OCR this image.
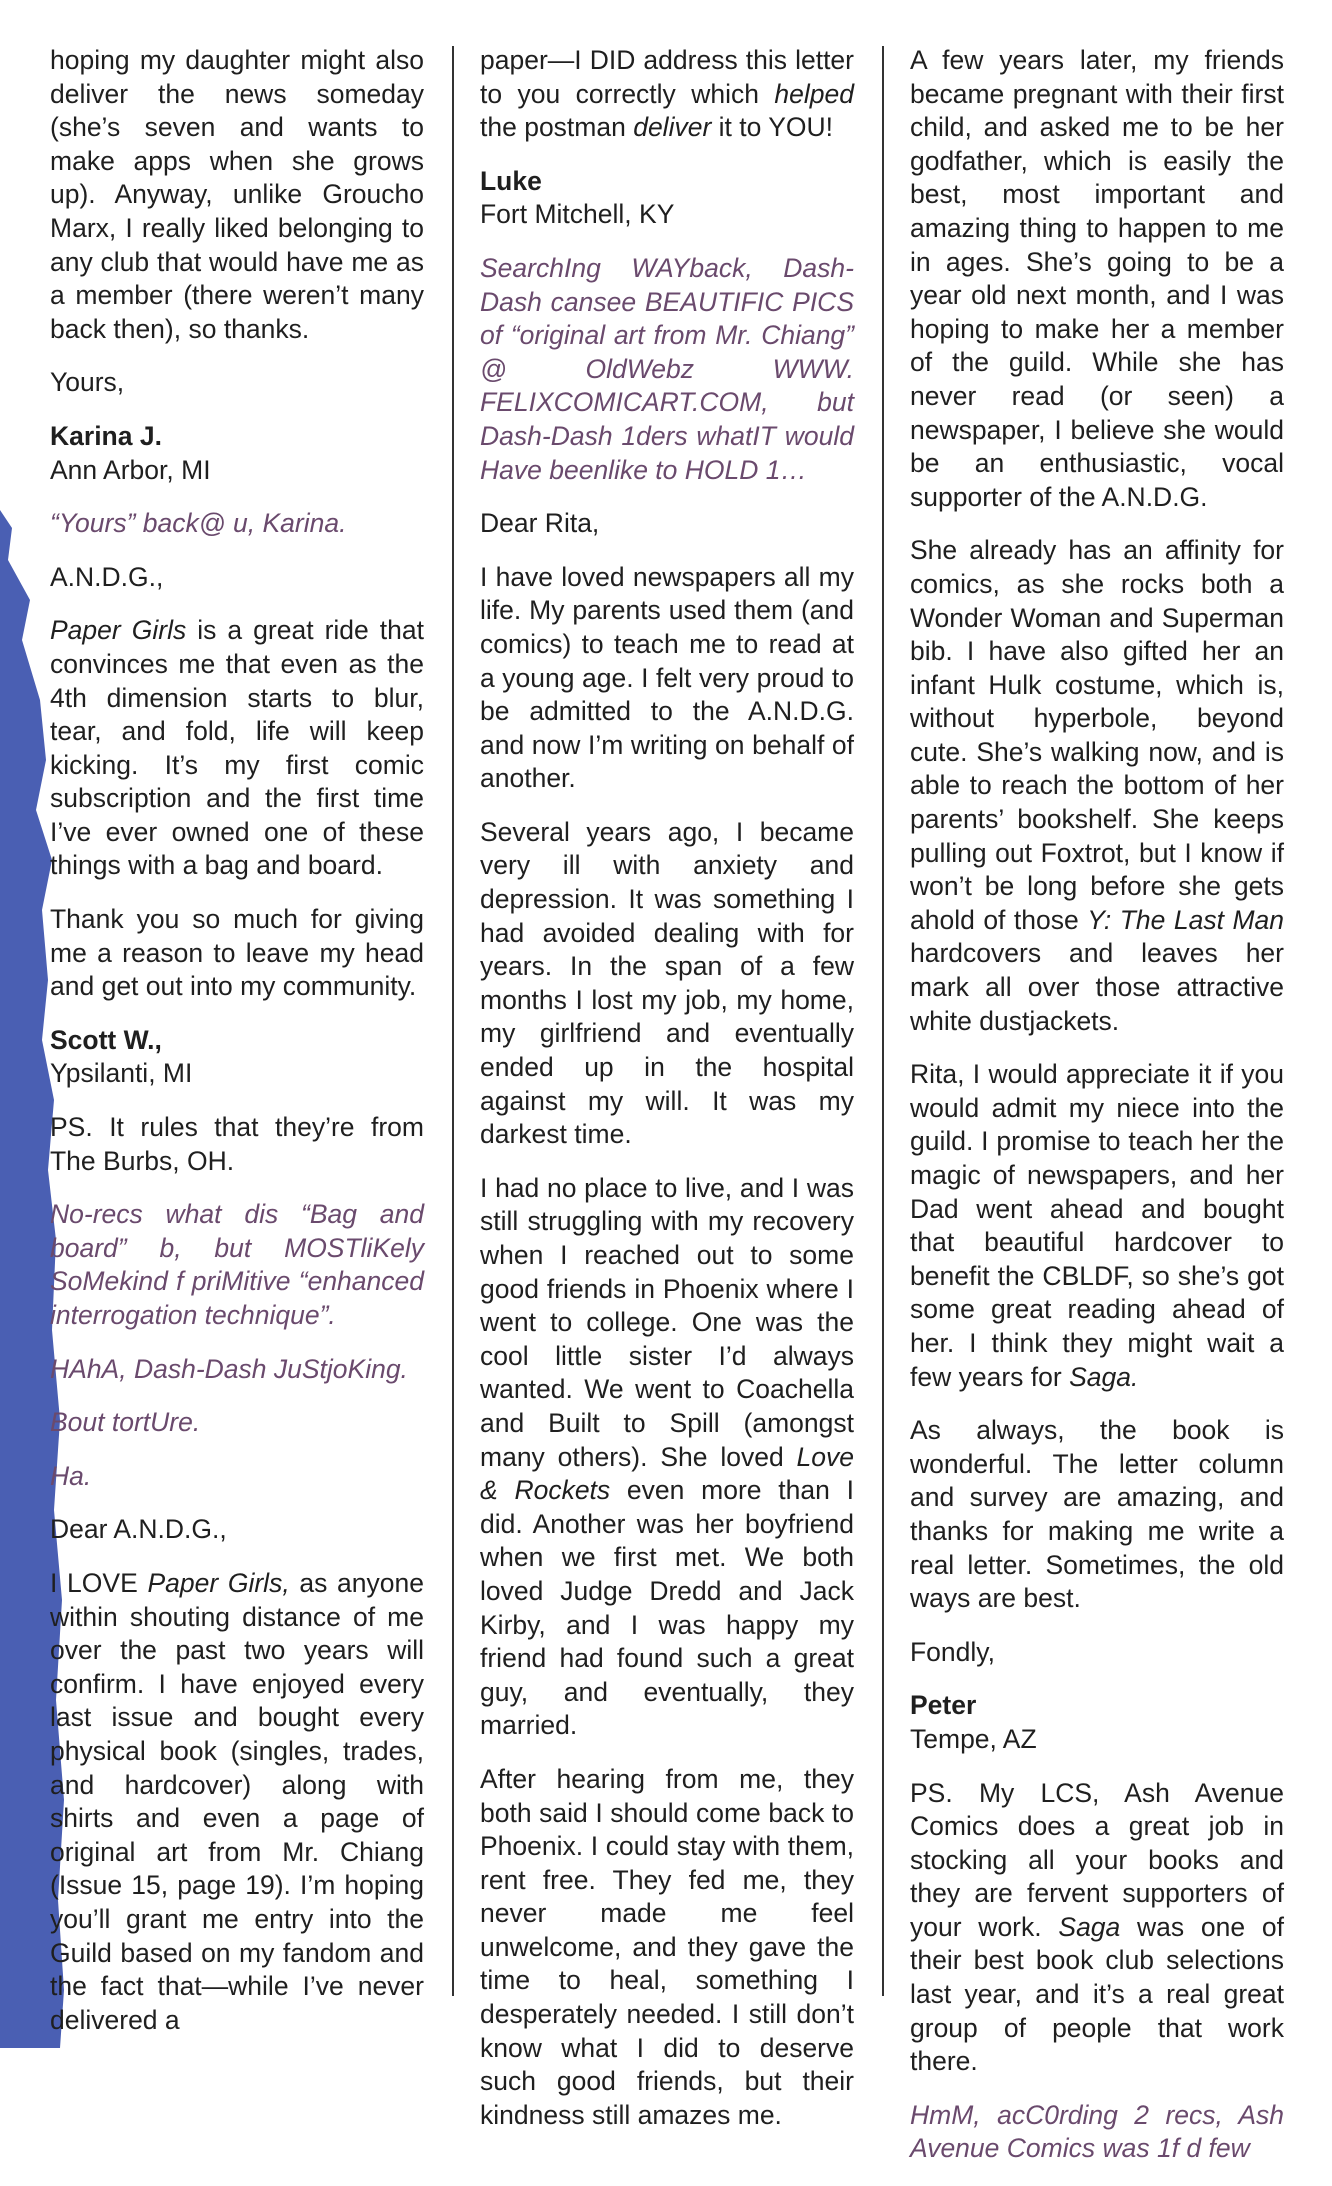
hoping my daughter might also deliver the news someday (she’s seven and wants to make apps when she grows up). Anyway, unlike Groucho Marx, I really liked belonging to any club that would have me as a member (there weren’t many back then), so thanks.

Yours,

Karina J.

Ann Arbor, MI

“Yours” back@ u, Karina.

A.N.D.G.,

Paper Girls is a great ride that convinces me that even as the 4th dimension starts to blur, tear, and fold, life will keep kicking. It’s my first comic subscription and the first time I’ve ever owned one of these things with a bag and board.

Thank you so much for giving me a reason to leave my head and get out into my community.

Scott W.,

Ypsilanti, MI

PS. It rules that they’re from The Burbs, OH.

No-recs what dis “Bag and board” b, but MOSTliKely SoMekind f priMitive “enhanced interrogation technique”.

HAhA, Dash-Dash JuStjoKing.

Bout tortUre.

Ha.

Dear A.N.D.G.,

I LOVE Paper Girls, as anyone within shouting distance of me over the past two years will confirm. I have enjoyed every last issue and bought every physical book (singles, trades, and hardcover) along with shirts and even a page of original art from Mr. Chiang (Issue 15, page 19). I’m hoping you’ll grant me entry into the Guild based on my fandom and the fact that—while I’ve never delivered a

paper—I DID address this letter to you correctly which helped the postman deliver it to YOU!

Luke

Fort Mitchell, KY

SearchIng WAYback, Dash-Dash cansee BEAUTIFIC PICS of “original art from Mr. Chiang” @ OldWebz WWW. FELIXCOMICART.COM, but Dash-Dash 1ders whatIT would Have beenlike to HOLD 1…

Dear Rita,

I have loved newspapers all my life. My parents used them (and comics) to teach me to read at a young age. I felt very proud to be admitted to the A.N.D.G. and now I’m writing on behalf of another.

Several years ago, I became very ill with anxiety and depression. It was something I had avoided dealing with for years. In the span of a few months I lost my job, my home, my girlfriend and eventually ended up in the hospital against my will. It was my darkest time.

I had no place to live, and I was still struggling with my recovery when I reached out to some good friends in Phoenix where I went to college. One was the cool little sister I’d always wanted. We went to Coachella and Built to Spill (amongst many others). She loved Love & Rockets even more than I did. Another was her boyfriend when we first met. We both loved Judge Dredd and Jack Kirby, and I was happy my friend had found such a great guy, and eventually, they married.

After hearing from me, they both said I should come back to Phoenix. I could stay with them, rent free. They fed me, they never made me feel unwelcome, and they gave the time to heal, something I desperately needed. I still don’t know what I did to deserve such good friends, but their kindness still amazes me.

A few years later, my friends became pregnant with their first child, and asked me to be her godfather, which is easily the best, most important and amazing thing to happen to me in ages. She’s going to be a year old next month, and I was hoping to make her a member of the guild. While she has never read (or seen) a newspaper, I believe she would be an enthusiastic, vocal supporter of the A.N.D.G.

She already has an affinity for comics, as she rocks both a Wonder Woman and Superman bib. I have also gifted her an infant Hulk costume, which is, without hyperbole, beyond cute. She’s walking now, and is able to reach the bottom of her parents’ bookshelf. She keeps pulling out Foxtrot, but I know if won’t be long before she gets ahold of those Y: The Last Man hardcovers and leaves her mark all over those attractive white dustjackets.

Rita, I would appreciate it if you would admit my niece into the guild. I promise to teach her the magic of newspapers, and her Dad went ahead and bought that beautiful hardcover to benefit the CBLDF, so she’s got some great reading ahead of her. I think they might wait a few years for Saga.

As always, the book is wonderful. The letter column and survey are amazing, and thanks for making me write a real letter. Sometimes, the old ways are best.

Fondly,

Peter

Tempe, AZ

PS. My LCS, Ash Avenue Comics does a great job in stocking all your books and they are fervent supporters of your work. Saga was one of their best book club selections last year, and it’s a real great group of people that work there.

HmM, acC0rding 2 recs, Ash Avenue Comics was 1f d few
